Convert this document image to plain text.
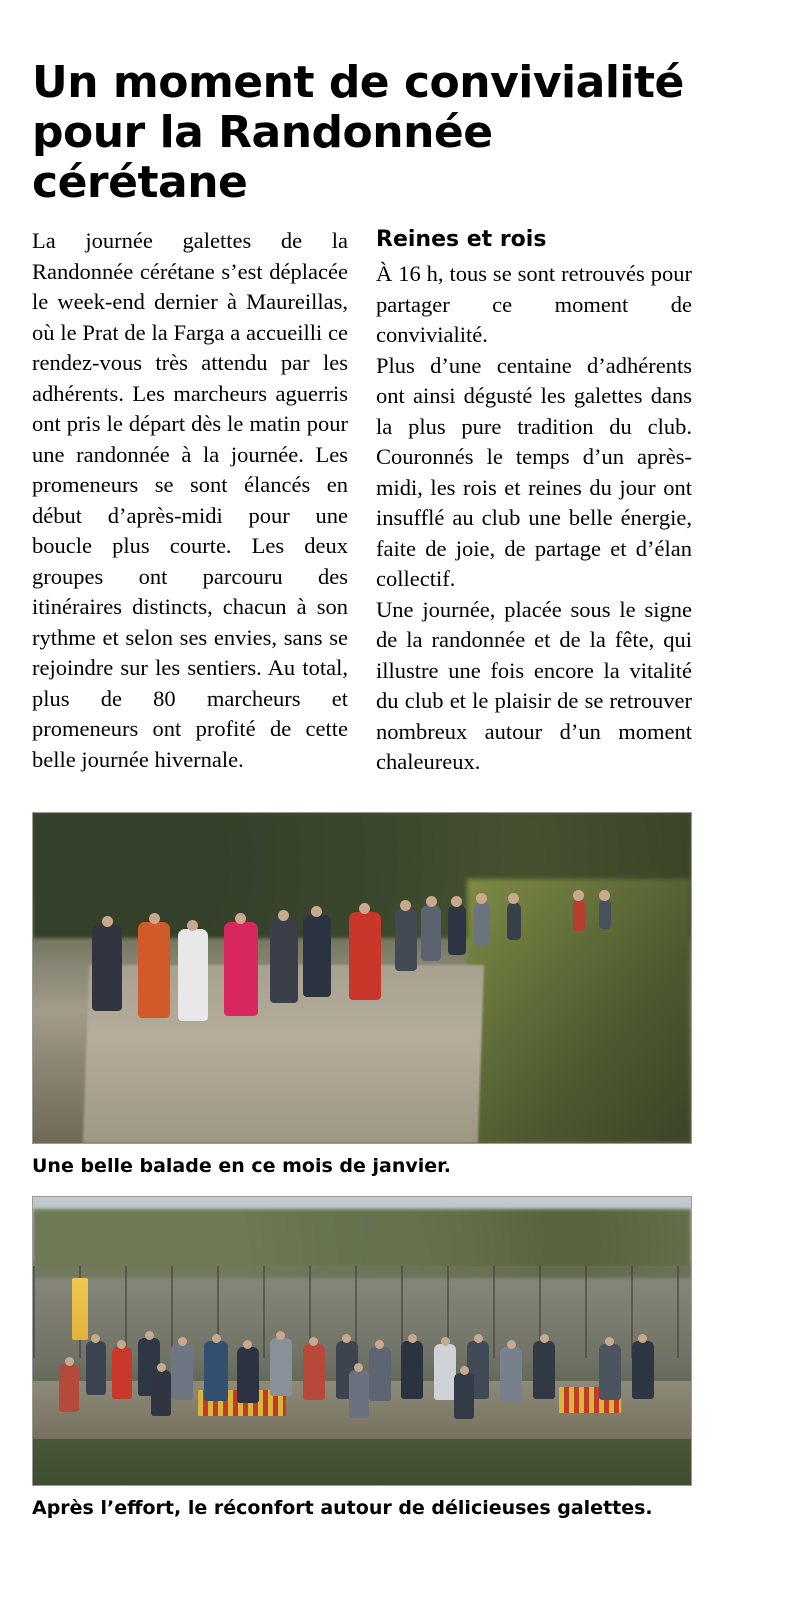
Un moment de convivialité
pour la Randonnée cérétane

La journée galettes de la Randonnée cérétane s’est déplacée le week-end dernier à Maureillas, où le Prat de la Farga a accueilli ce rendez-vous très attendu par les adhérents. Les marcheurs aguerris ont pris le départ dès le matin pour une randonnée à la journée. Les promeneurs se sont élancés en début d’après-midi pour une boucle plus courte. Les deux groupes ont parcouru des itinéraires distincts, chacun à son rythme et selon ses envies, sans se rejoindre sur les sentiers. Au total, plus de 80 marcheurs et promeneurs ont profité de cette belle journée hivernale.

Reines et rois

À 16 h, tous se sont retrouvés pour partager ce moment de convivialité.

Plus d’une centaine d’adhérents ont ainsi dégusté les galettes dans la plus pure tradition du club. Couronnés le temps d’un après-midi, les rois et reines du jour ont insufflé au club une belle énergie, faite de joie, de partage et d’élan collectif.

Une journée, placée sous le signe de la randonnée et de la fête, qui illustre une fois encore la vitalité du club et le plaisir de se retrouver nombreux autour d’un moment chaleureux.

Une belle balade en ce mois de janvier.
Après l’effort, le réconfort autour de délicieuses galettes.
